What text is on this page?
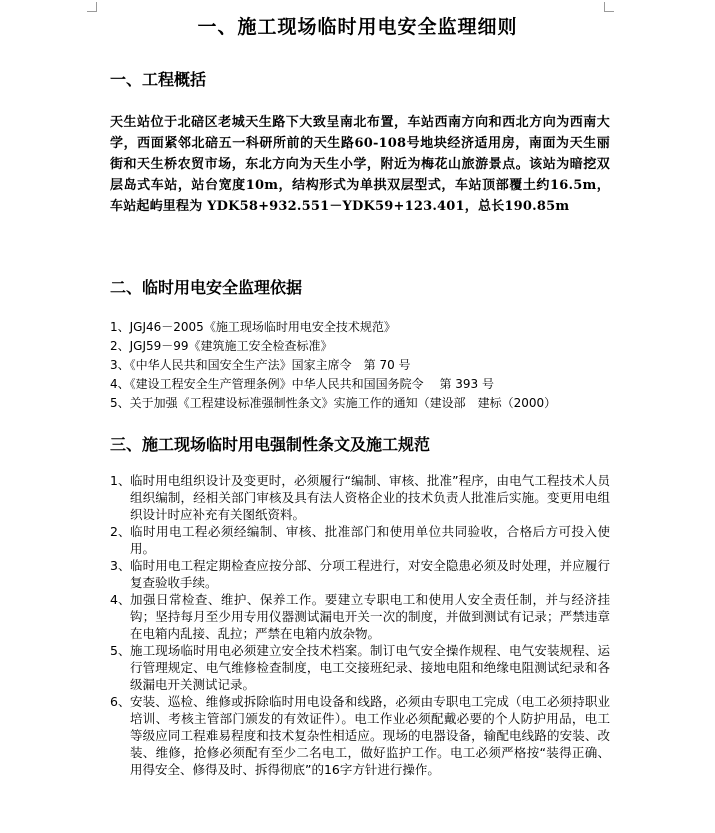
一、施工现场临时用电安全监理细则
一、工程概括
天生站位于北碚区老城天生路下大致呈南北布置，车站西南方向和西北方向为西南大学，西面紧邻北碚五一科研所前的天生路60-108号地块经济适用房，南面为天生丽街和天生桥农贸市场，东北方向为天生小学，附近为梅花山旅游景点。该站为暗挖双层岛式车站，站台宽度10m，结构形式为单拱双层型式，车站顶部覆土约16.5m，车站起屿里程为 YDK58+932.551－YDK59+123.401，总长190.85m
二、临时用电安全监理依据
1、JGJ46－2005《施工现场临时用电安全技术规范》
2、JGJ59－99《建筑施工安全检查标准》
3、《中华人民共和国安全生产法》国家主席令　第 70 号
4、《建设工程安全生产管理条例》中华人民共和国国务院令　 第 393 号
5、关于加强《工程建设标准强制性条文》实施工作的通知（建设部　建标（2000）
三、施工现场临时用电强制性条文及施工规范
1、 临时用电组织设计及变更时，必须履行“编制、审核、批准”程序，由电气工程技术人员组织编制，经相关部门审核及具有法人资格企业的技术负责人批准后实施。变更用电组织设计时应补充有关图纸资料。
2、 临时用电工程必须经编制、审核、批准部门和使用单位共同验收，合格后方可投入使用。
3、 临时用电工程定期检查应按分部、分项工程进行，对安全隐患必须及时处理，并应履行复查验收手续。
4、 加强日常检查、维护、保养工作。要建立专职电工和使用人安全责任制，并与经济挂钩；坚持每月至少用专用仪器测试漏电开关一次的制度，并做到测试有记录；严禁违章在电箱内乱接、乱拉；严禁在电箱内放杂物。
5、 施工现场临时用电必须建立安全技术档案。制订电气安全操作规程、电气安装规程、运行管理规定、电气维修检查制度，电工交接班纪录、接地电阻和绝缘电阻测试纪录和各级漏电开关测试记录。
6、 安装、巡检、维修或拆除临时用电设备和线路，必须由专职电工完成（电工必须持职业培训、考核主管部门颁发的有效证件）。电工作业必须配戴必要的个人防护用品，电工等级应同工程难易程度和技术复杂性相适应。现场的电器设备，输配电线路的安装、改装、维修，抢修必须配有至少二名电工，做好监护工作。电工必须严格按“装得正确、用得安全、修得及时、拆得彻底”的16字方针进行操作。
